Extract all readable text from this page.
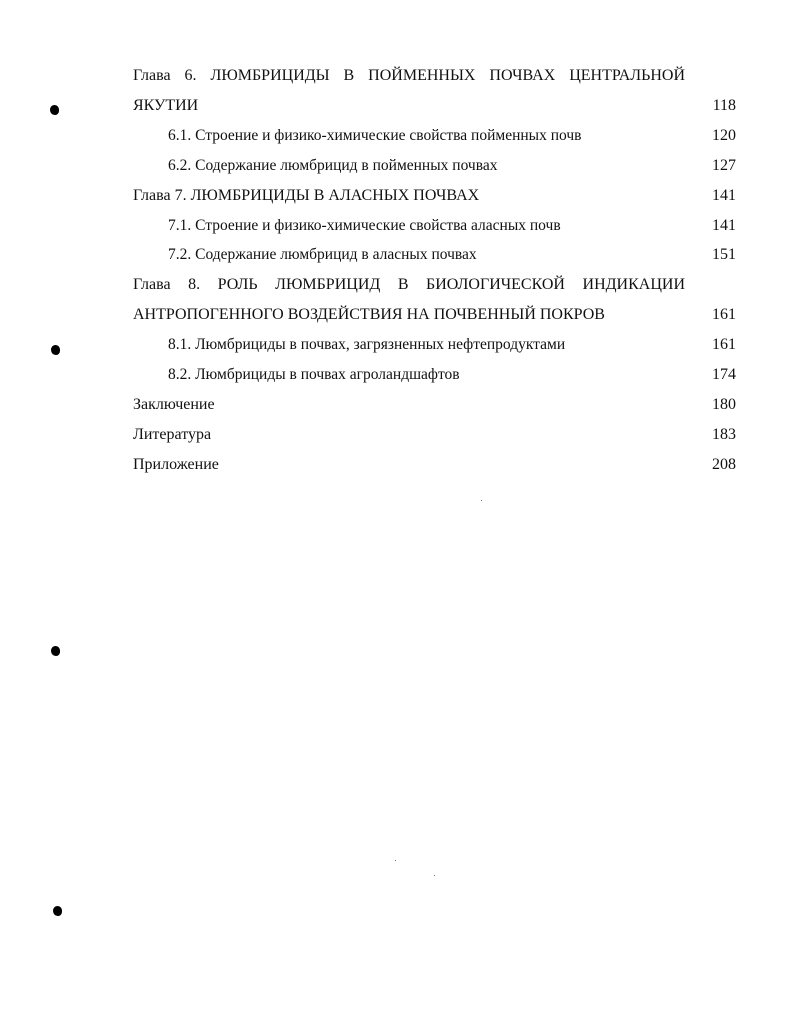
Глава 6. ЛЮМБРИЦИДЫ В ПОЙМЕННЫХ ПОЧВАХ ЦЕНТРАЛЬНОЙ
ЯКУТИИ	118
6.1. Строение и физико-химические свойства пойменных почв	120
6.2. Содержание люмбрицид в пойменных почвах	127
Глава 7. ЛЮМБРИЦИДЫ В АЛАСНЫХ ПОЧВАХ	141
7.1. Строение и физико-химические свойства аласных почв	141
7.2. Содержание люмбрицид в аласных почвах	151
Глава 8. РОЛЬ ЛЮМБРИЦИД В БИОЛОГИЧЕСКОЙ ИНДИКАЦИИ
АНТРОПОГЕННОГО ВОЗДЕЙСТВИЯ НА ПОЧВЕННЫЙ ПОКРОВ	161
8.1. Люмбрициды в почвах, загрязненных нефтепродуктами	161
8.2. Люмбрициды в почвах агроландшафтов	174
Заключение	180
Литература	183
Приложение	208
